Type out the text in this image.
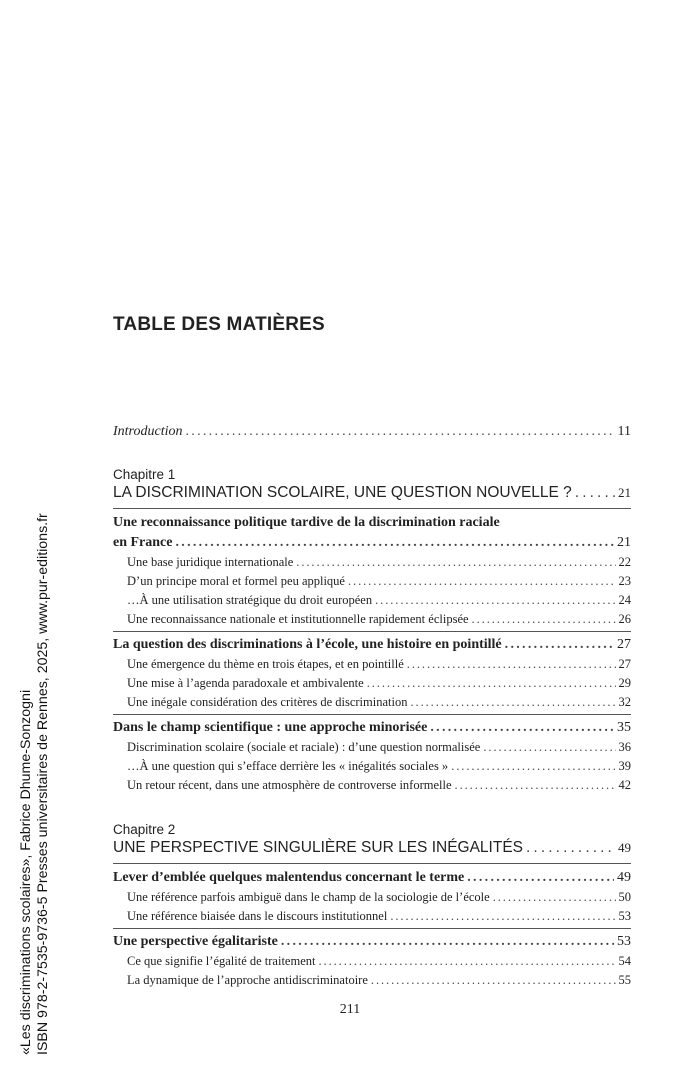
«Les discriminations scolaires», Fabrice Dhume-Sonzogni ISBN 978-2-7535-9736-5 Presses universitaires de Rennes, 2025, www.pur-editions.fr
TABLE DES MATIÈRES
Introduction . . .	11
Chapitre 1
LA DISCRIMINATION SCOLAIRE, UNE QUESTION NOUVELLE ? . . .	21
Une reconnaissance politique tardive de la discrimination raciale
en France . . .	21
Une base juridique internationale . . .	22
D’un principe moral et formel peu appliqué . . .	23
…À une utilisation stratégique du droit européen . . .	24
Une reconnaissance nationale et institutionnelle rapidement éclipsée . . .	26
La question des discriminations à l’école, une histoire en pointillé . . .	27
Une émergence du thème en trois étapes, et en pointillé . . .	27
Une mise à l’agenda paradoxale et ambivalente . . .	29
Une inégale considération des critères de discrimination . . .	32
Dans le champ scientifique : une approche minorisée . . .	35
Discrimination scolaire (sociale et raciale) : d’une question normalisée . . .	36
…À une question qui s’efface derrière les « inégalités sociales » . . .	39
Un retour récent, dans une atmosphère de controverse informelle . . .	42
Chapitre 2
UNE PERSPECTIVE SINGULIÈRE SUR LES INÉGALITÉS . . .	49
Lever d’emblée quelques malentendus concernant le terme . . .	49
Une référence parfois ambiguë dans le champ de la sociologie de l’école . . .	50
Une référence biaisée dans le discours institutionnel . . .	53
Une perspective égalitariste . . .	53
Ce que signifie l’égalité de traitement . . .	54
La dynamique de l’approche antidiscriminatoire . . .	55
211
